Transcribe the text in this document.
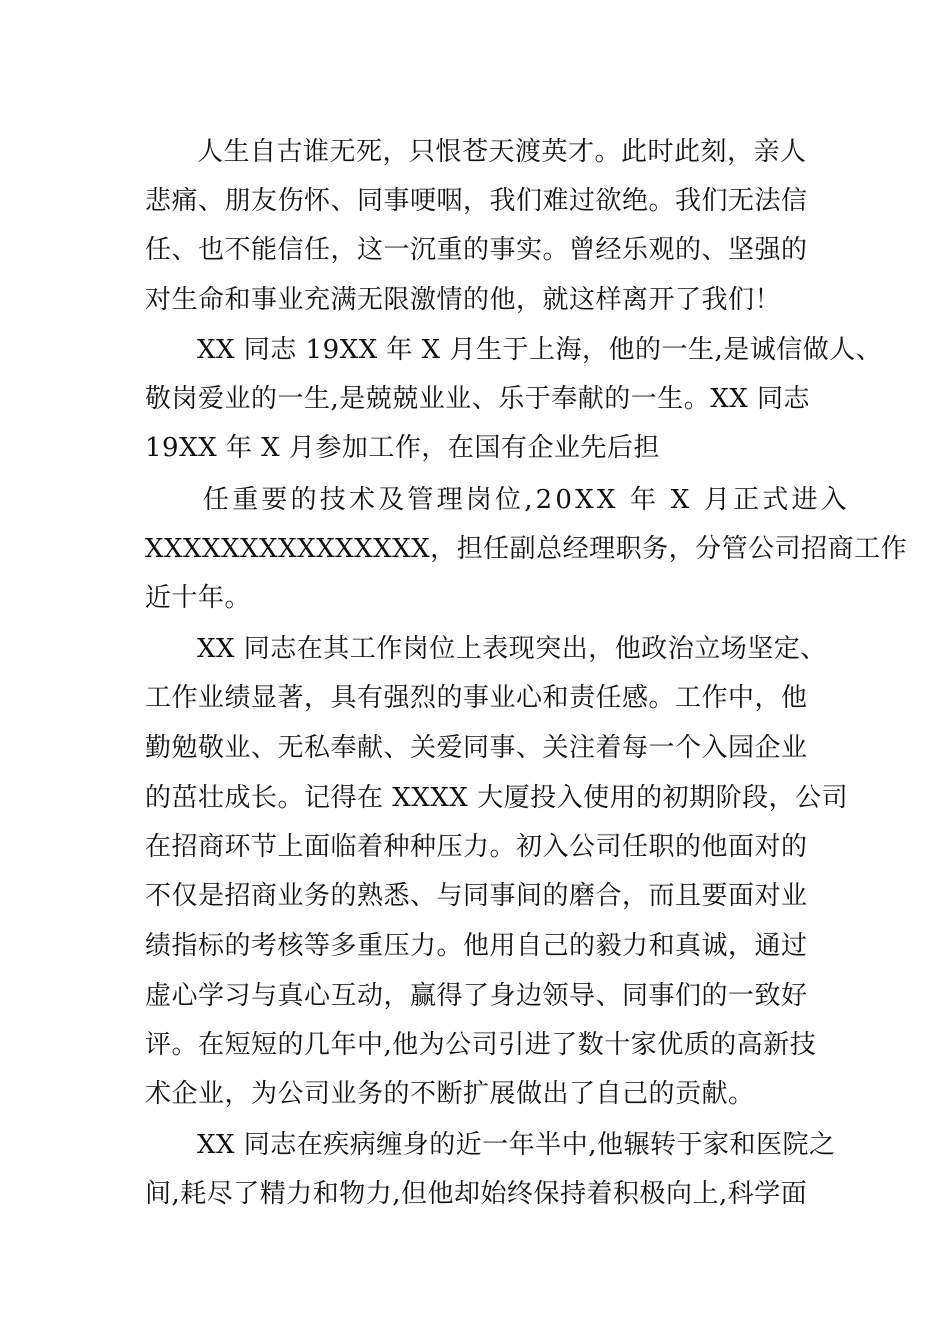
人生自古谁无死，只恨苍天渡英才。此时此刻，亲人
悲痛、朋友伤怀、同事哽咽，我们难过欲绝。我们无法信
任、也不能信任，这一沉重的事实。曾经乐观的、坚强的
对生命和事业充满无限激情的他，就这样离开了我们！
XX 同志 19XX 年 X 月生于上海，他的一生,是诚信做人、
敬岗爱业的一生,是兢兢业业、乐于奉献的一生。XX 同志
19XX 年 X 月参加工作，在国有企业先后担
任重要的技术及管理岗位,20XX 年 X 月正式进入
XXXXXXXXXXXXXXX，担任副总经理职务，分管公司招商工作
近十年。
XX 同志在其工作岗位上表现突出，他政治立场坚定、
工作业绩显著，具有强烈的事业心和责任感。工作中，他
勤勉敬业、无私奉献、关爱同事、关注着每一个入园企业
的茁壮成长。记得在 XXXX 大厦投入使用的初期阶段，公司
在招商环节上面临着种种压力。初入公司任职的他面对的
不仅是招商业务的熟悉、与同事间的磨合，而且要面对业
绩指标的考核等多重压力。他用自己的毅力和真诚，通过
虚心学习与真心互动，赢得了身边领导、同事们的一致好
评。在短短的几年中,他为公司引进了数十家优质的高新技
术企业，为公司业务的不断扩展做出了自己的贡献。
XX 同志在疾病缠身的近一年半中,他辗转于家和医院之
间,耗尽了精力和物力,但他却始终保持着积极向上,科学面
